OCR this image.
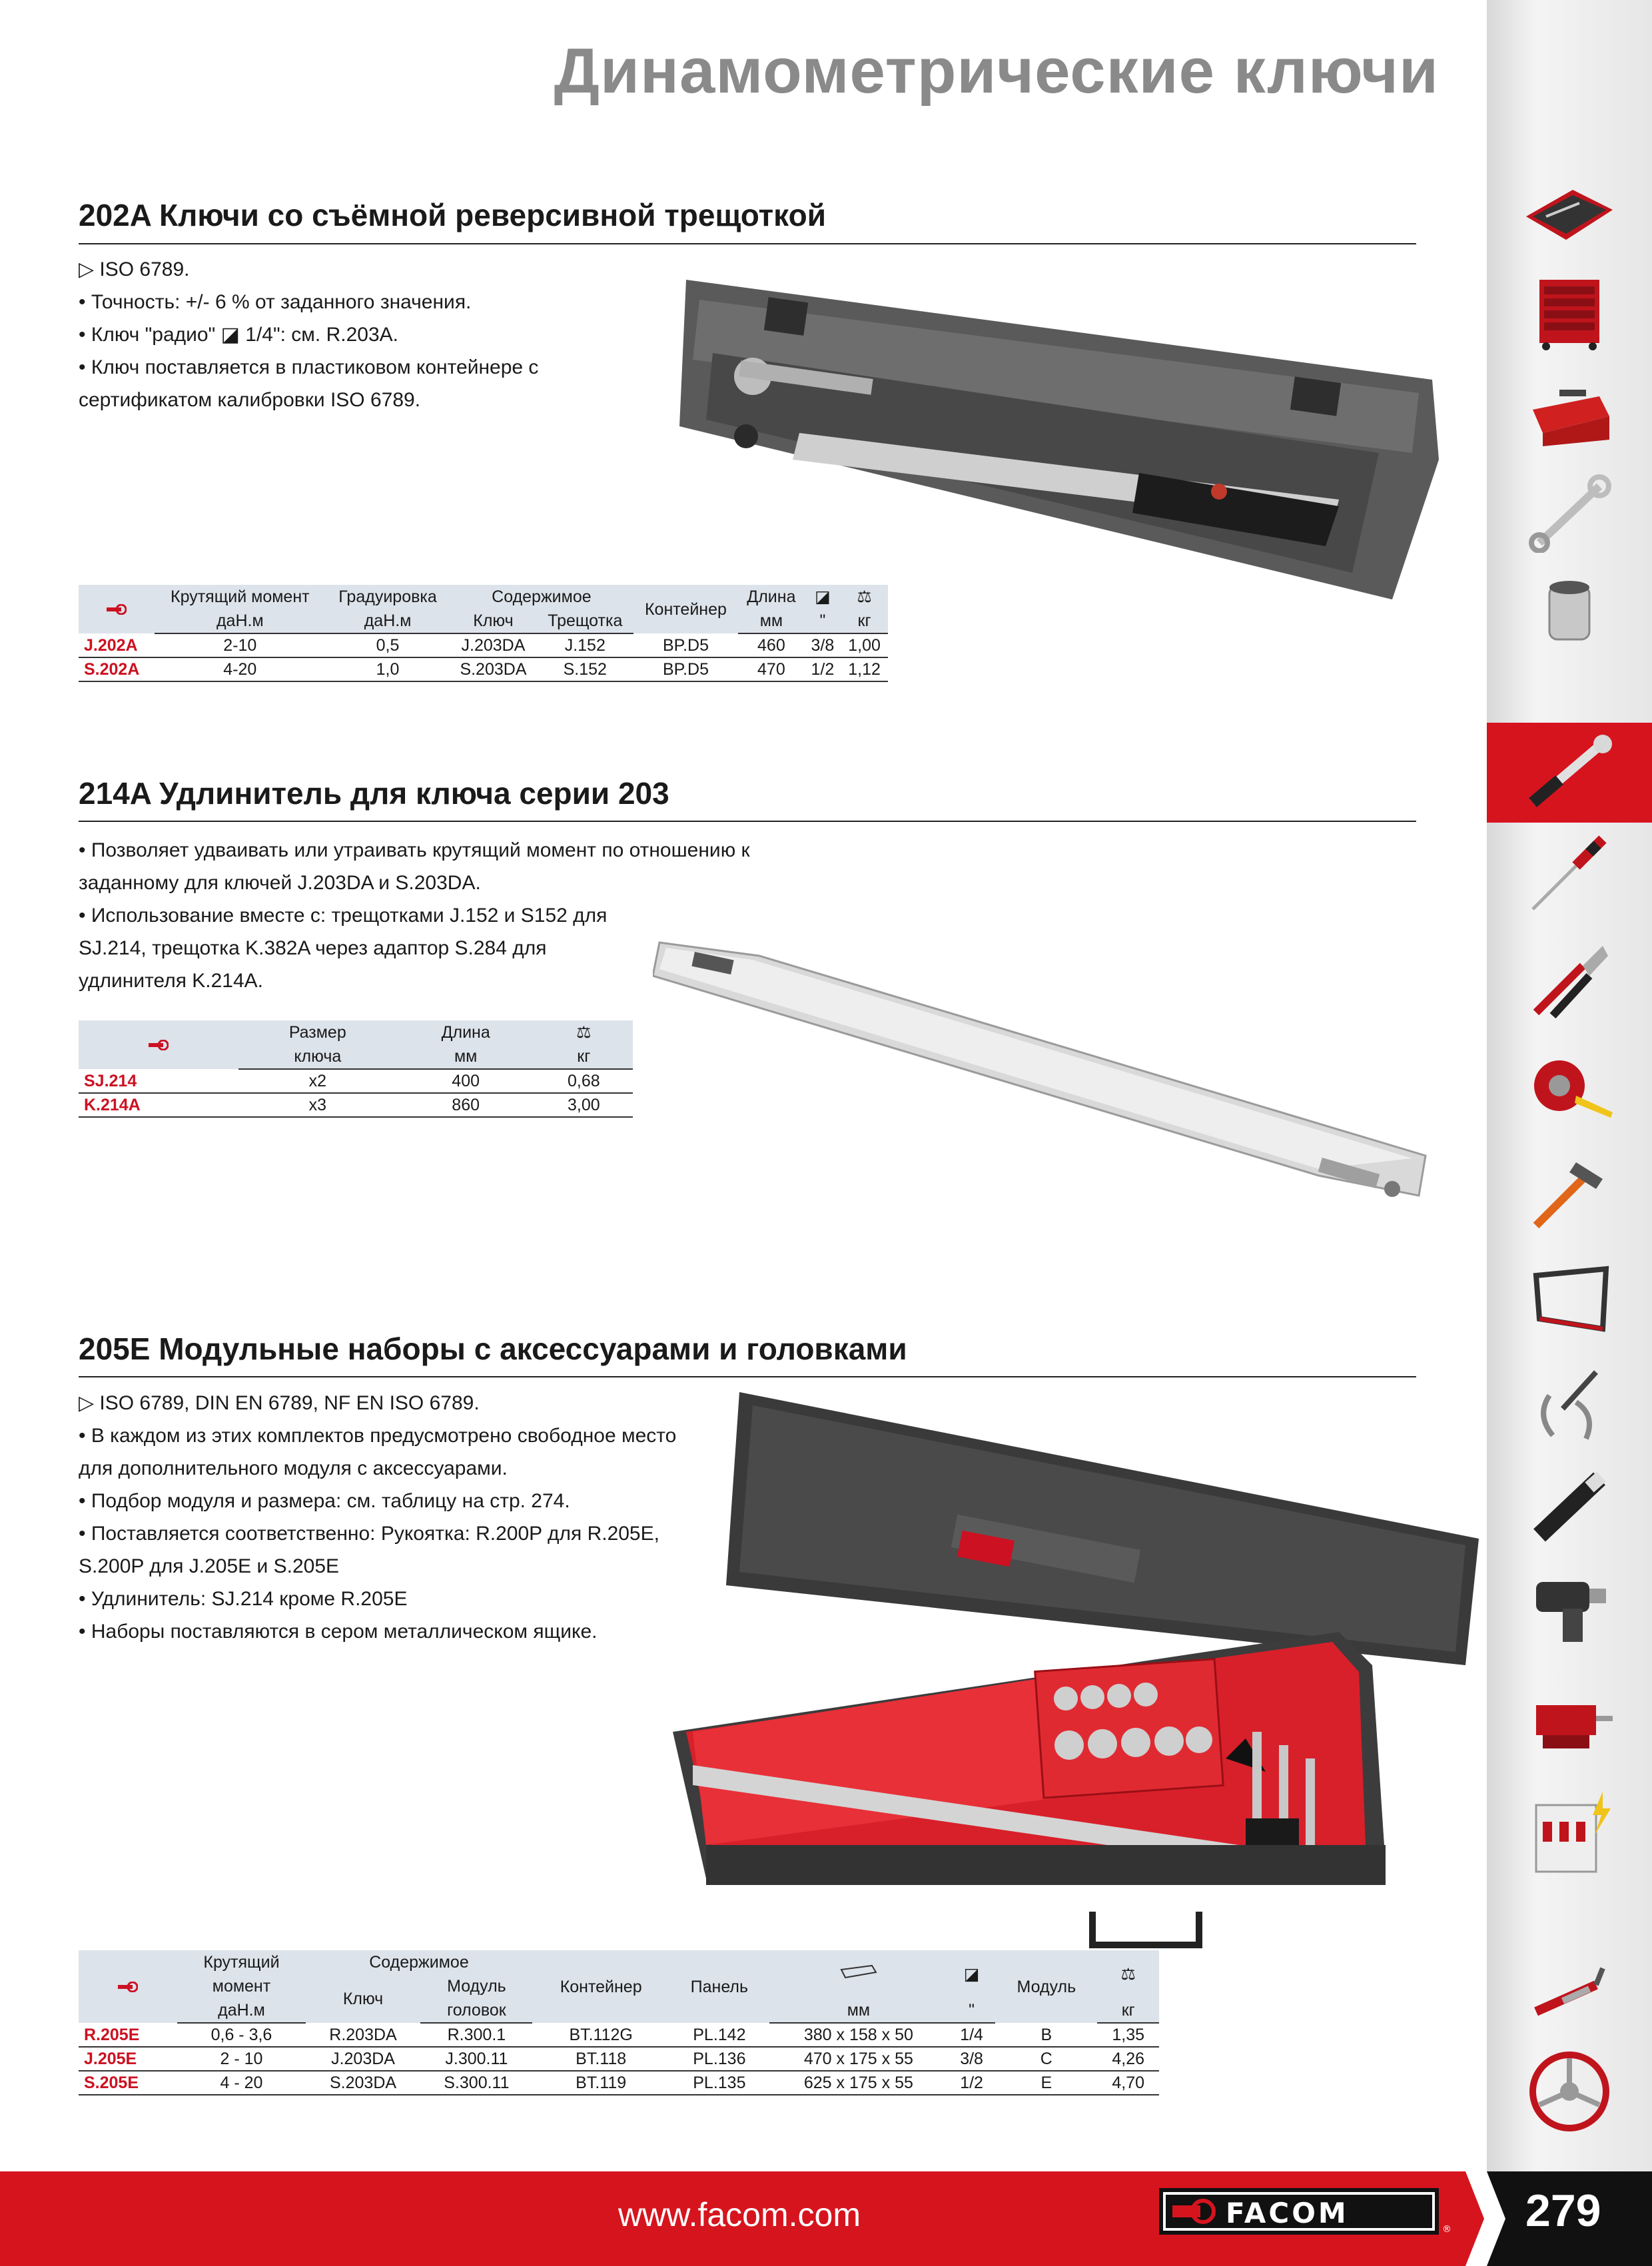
Динамометрические ключи
202A Ключи со съёмной реверсивной трещоткой
▷ ISO 6789.
• Точность: +/- 6 % от заданного значения.
• Ключ "радио" ◪ 1/4": см. R.203A.
• Ключ поставляется в пластиковом контейнере с
сертификатом калибровки ISO 6789.
	Крутящий момент	Градуировка	Содержимое		Контейнер	Длина	◪	⚖
	даН.м	даН.м	Ключ	Трещотка		мм	"	кг
J.202A	2-10	0,5	J.203DA	J.152	BP.D5	460	3/8	1,00
S.202A	4-20	1,0	S.203DA	S.152	BP.D5	470	1/2	1,12
214A Удлинитель для ключа серии 203
• Позволяет удваивать или утраивать крутящий момент по отношению к
заданному для ключей J.203DA и S.203DA.
• Использование вместе с: трещотками J.152 и S152 для
SJ.214, трещотка K.382A через адаптор S.284 для
удлинителя K.214A.
	Размер	Длина	⚖
	ключа	мм	кг
SJ.214	x2	400	0,68
K.214A	x3	860	3,00
205E Модульные наборы с аксессуарами и головками
▷ ISO 6789, DIN EN 6789, NF EN ISO 6789.
• В каждом из этих комплектов предусмотрено свободное место
для дополнительного модуля с аксессуарами.
• Подбор модуля и размера: см. таблицу на стр. 274.
• Поставляется соответственно: Рукоятка: R.200P для R.205E,
S.200P для J.205E и S.205E
• Удлинитель: SJ.214 кроме R.205E
• Наборы поставляются в сером металлическом ящике.
	Крутящий	Содержимое		Контейнер	Панель		◪	Модуль	⚖
	момент	Ключ	Модуль						
	даН.м		головок			мм	"		кг
R.205E	0,6 - 3,6	R.203DA	R.300.1	BT.112G	PL.142	380 x 158 x 50	1/4	B	1,35
J.205E	2 - 10	J.203DA	J.300.11	BT.118	PL.136	470 x 175 x 55	3/8	C	4,26
S.205E	4 - 20	S.203DA	S.300.11	BT.119	PL.135	625 x 175 x 55	1/2	E	4,70
www.facom.com	FACOM	® 279
